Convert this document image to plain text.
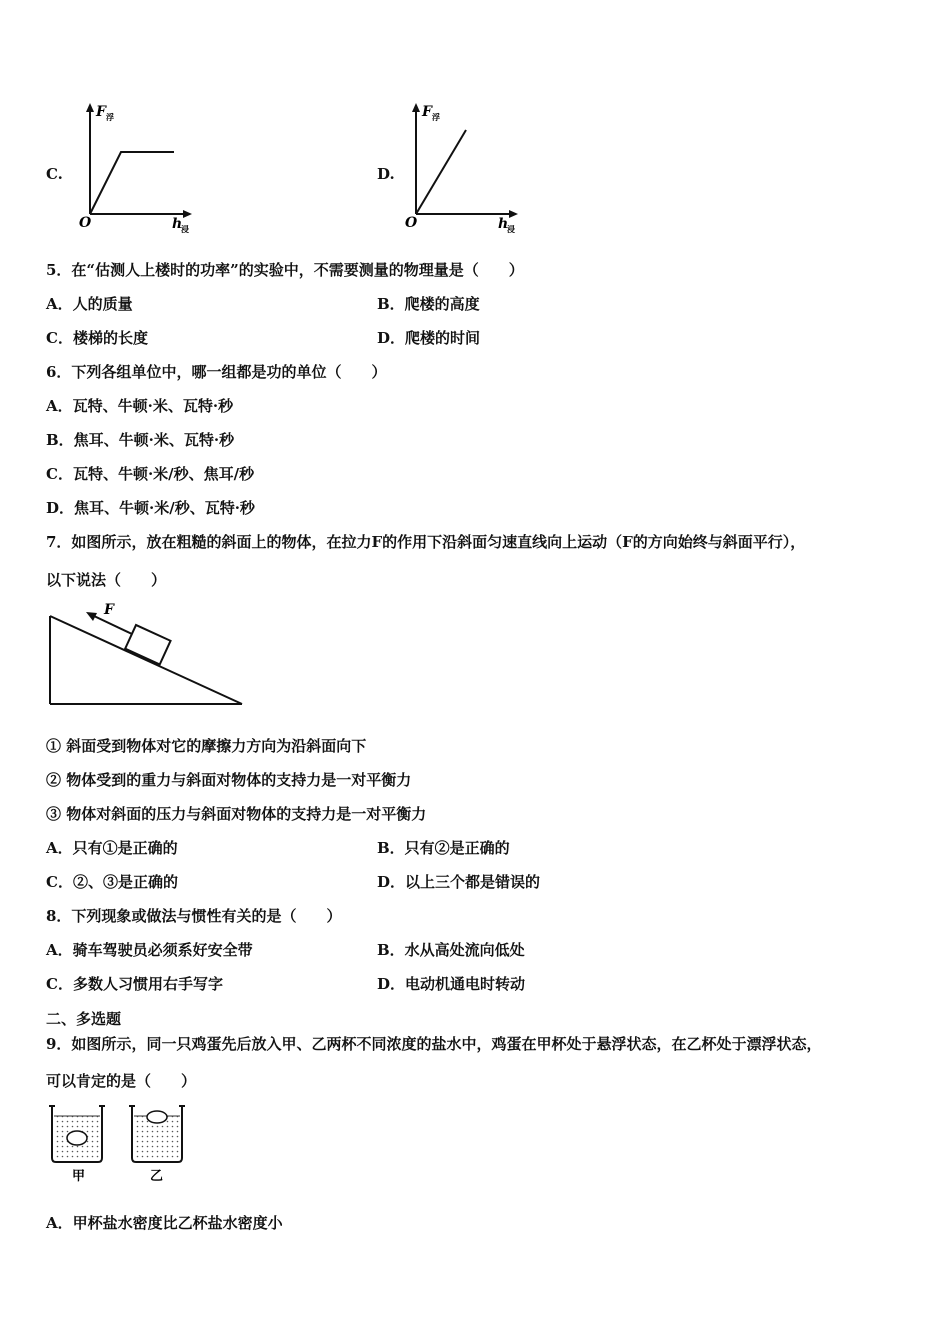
C.
F 浮
O	h
浸
D.
F 浮
O	h
浸
5．在“估测人上楼时的功率”的实验中，不需要测量的物理量是（　　）
A．人的质量	B．爬楼的高度
C．楼梯的长度	D．爬楼的时间
6．下列各组单位中，哪一组都是功的单位（　　）
A．瓦特、牛顿·米、瓦特·秒
B．焦耳、牛顿·米、瓦特·秒
C．瓦特、牛顿·米/秒、焦耳/秒
D．焦耳、牛顿·米/秒、瓦特·秒
7．如图所示，放在粗糙的斜面上的物体，在拉力F的作用下沿斜面匀速直线向上运动（F的方向始终与斜面平行），
以下说法（　　）
F
① 斜面受到物体对它的摩擦力方向为沿斜面向下
② 物体受到的重力与斜面对物体的支持力是一对平衡力
③ 物体对斜面的压力与斜面对物体的支持力是一对平衡力
A．只有①是正确的	B．只有②是正确的
C．②、③是正确的	D．以上三个都是错误的
8．下列现象或做法与惯性有关的是（　　）
A．骑车驾驶员必须系好安全带	B．水从高处流向低处
C．多数人习惯用右手写字	D．电动机通电时转动
二、多选题
9．如图所示，同一只鸡蛋先后放入甲、乙两杯不同浓度的盐水中，鸡蛋在甲杯处于悬浮状态，在乙杯处于漂浮状态，
可以肯定的是（　　）
甲	乙
A．甲杯盐水密度比乙杯盐水密度小
